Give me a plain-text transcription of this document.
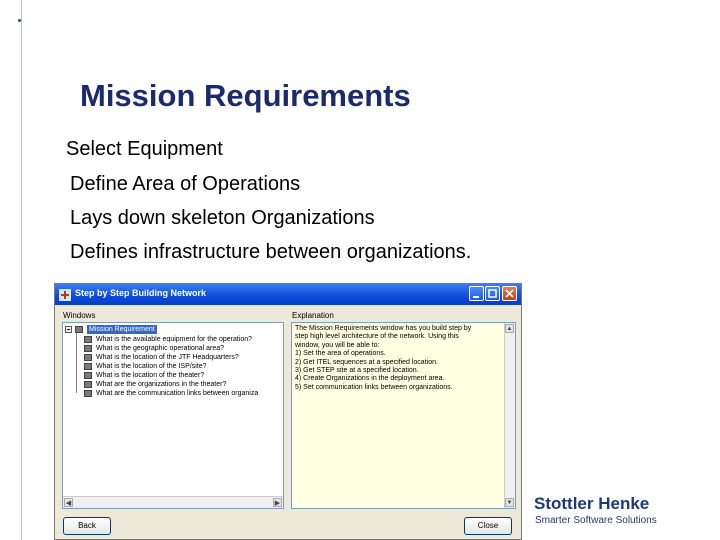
Mission Requirements
Select Equipment
Define Area of Operations
Lays down skeleton Organizations
Defines infrastructure between organizations.
Step by Step Building Network
Windows	Explanation
Mission Requirement
What is the available equipment for the operation?
What is the geographic operational area?
What is the location of the JTF Headquarters?
What is the location of the ISP/site?
What is the location of the theater?
What are the organizations in the theater?
What are the communication links between organiza
◀	▶
The Mission Requirements window has you build step by
step high level architecture of the network. Using this
window, you will be able to:
1) Set the area of operations.
2) Get ITEL sequences at a specified location.
3) Get STEP site at a specified location.
4) Create Organizations in the deployment area.
5) Set communication links between organizations.
▲
▼
Back	Close
Stottler Henke
Smarter Software Solutions
